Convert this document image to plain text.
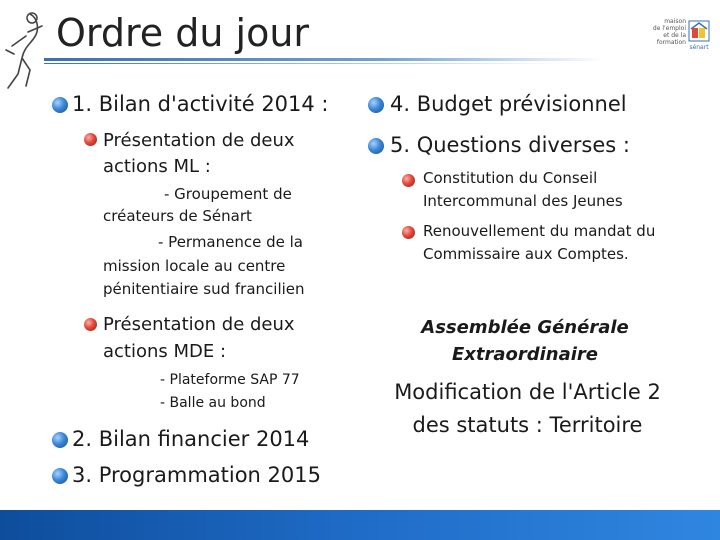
Ordre du jour	maison
de l'emploi
et de la
formation
sénart
1. Bilan d'activité 2014 :
Présentation de deux
actions ML :
- Groupement de
créateurs de Sénart
- Permanence de la
mission locale au centre
pénitentiaire sud francilien
Présentation de deux
actions MDE :
- Plateforme SAP 77
- Balle au bond
2. Bilan financier 2014
3. Programmation 2015
4. Budget prévisionnel
5. Questions diverses :
Constitution du Conseil
Intercommunal des Jeunes
Renouvellement du mandat du
Commissaire aux Comptes.
Assemblée Générale
Extraordinaire
Modification de l'Article 2
des statuts : Territoire
